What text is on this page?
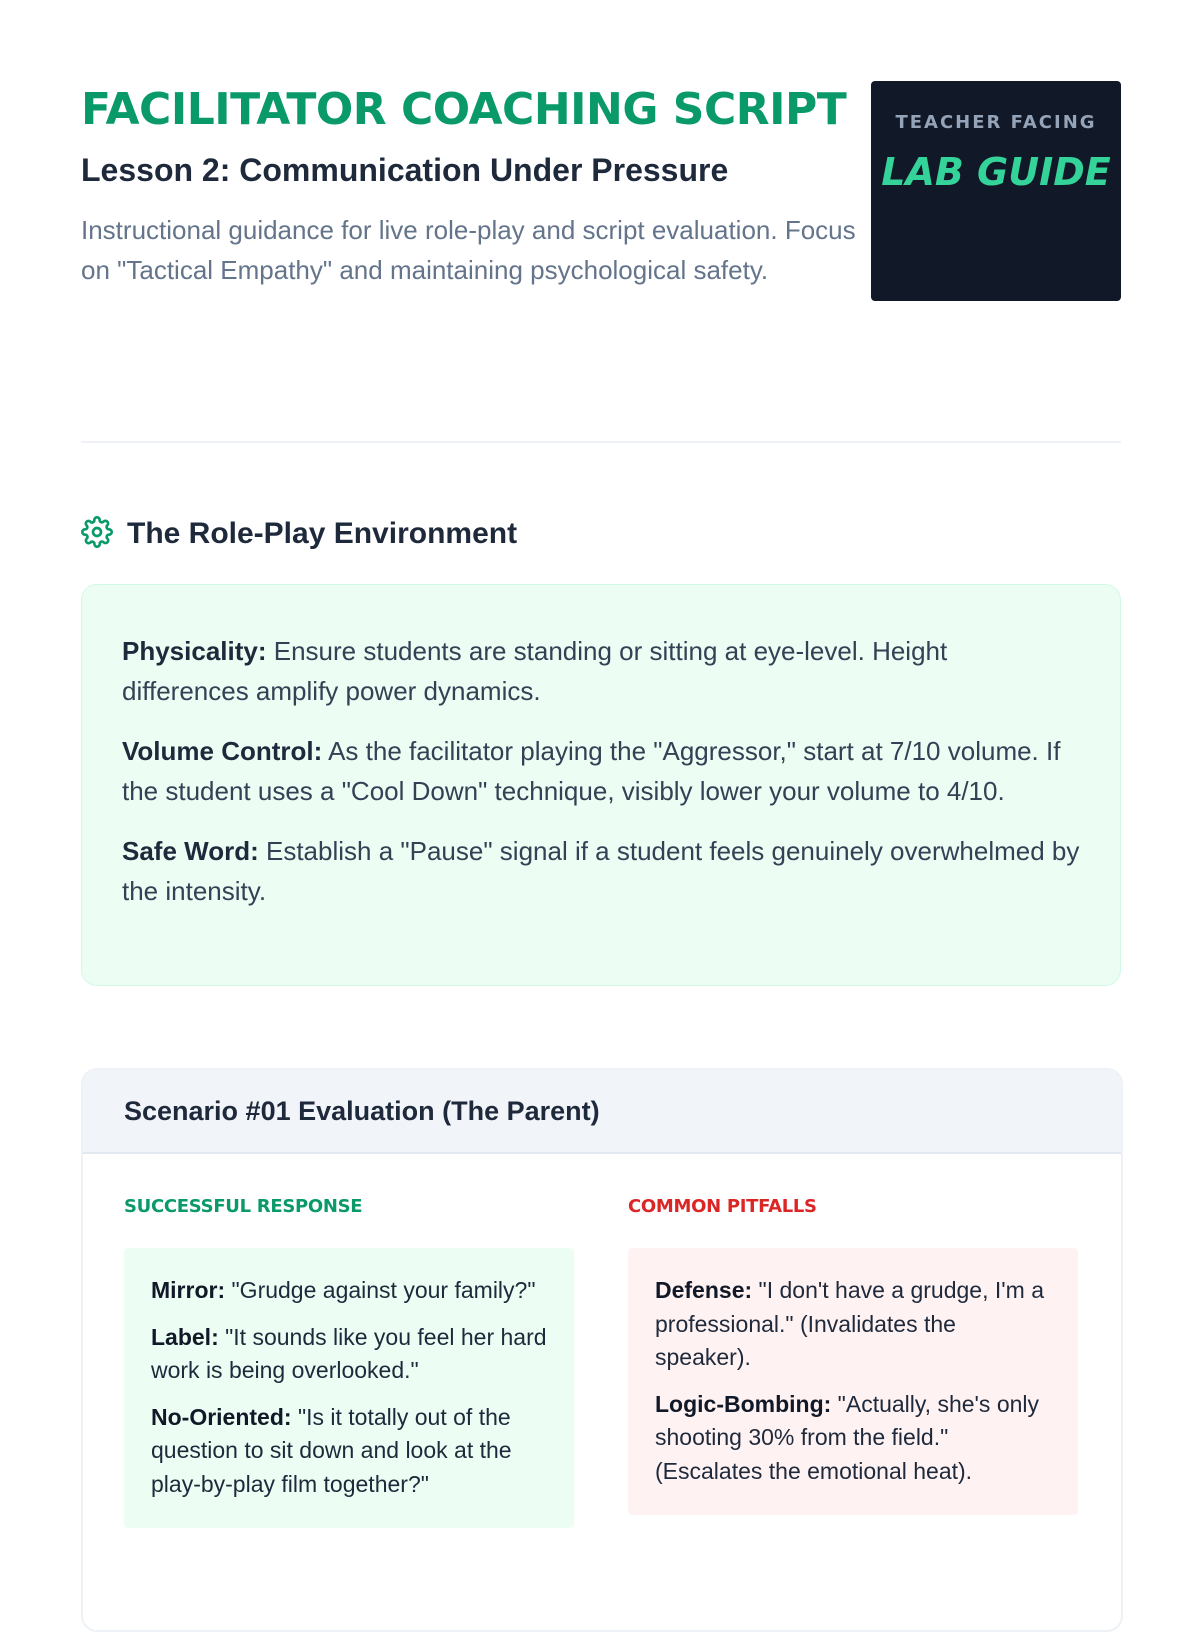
FACILITATOR COACHING SCRIPT
Lesson 2: Communication Under Pressure

Instructional guidance for live role-play and script evaluation. Focus on "Tactical Empathy" and maintaining psychological safety.

TEACHER FACING
LAB GUIDE
The Role-Play Environment
Physicality: Ensure students are standing or sitting at eye-level. Height differences amplify power dynamics.
Volume Control: As the facilitator playing the "Aggressor," start at 7/10 volume. If the student uses a "Cool Down" technique, visibly lower your volume to 4/10.
Safe Word: Establish a "Pause" signal if a student feels genuinely overwhelmed by the intensity.
Scenario #01 Evaluation (The Parent)
SUCCESSFUL RESPONSE
Mirror: "Grudge against your family?"
Label: "It sounds like you feel her hard work is being overlooked."
No-Oriented: "Is it totally out of the question to sit down and look at the play-by-play film together?"
COMMON PITFALLS
Defense: "I don't have a grudge, I'm a professional." (Invalidates the speaker).
Logic-Bombing: "Actually, she's only shooting 30% from the field." (Escalates the emotional heat).
